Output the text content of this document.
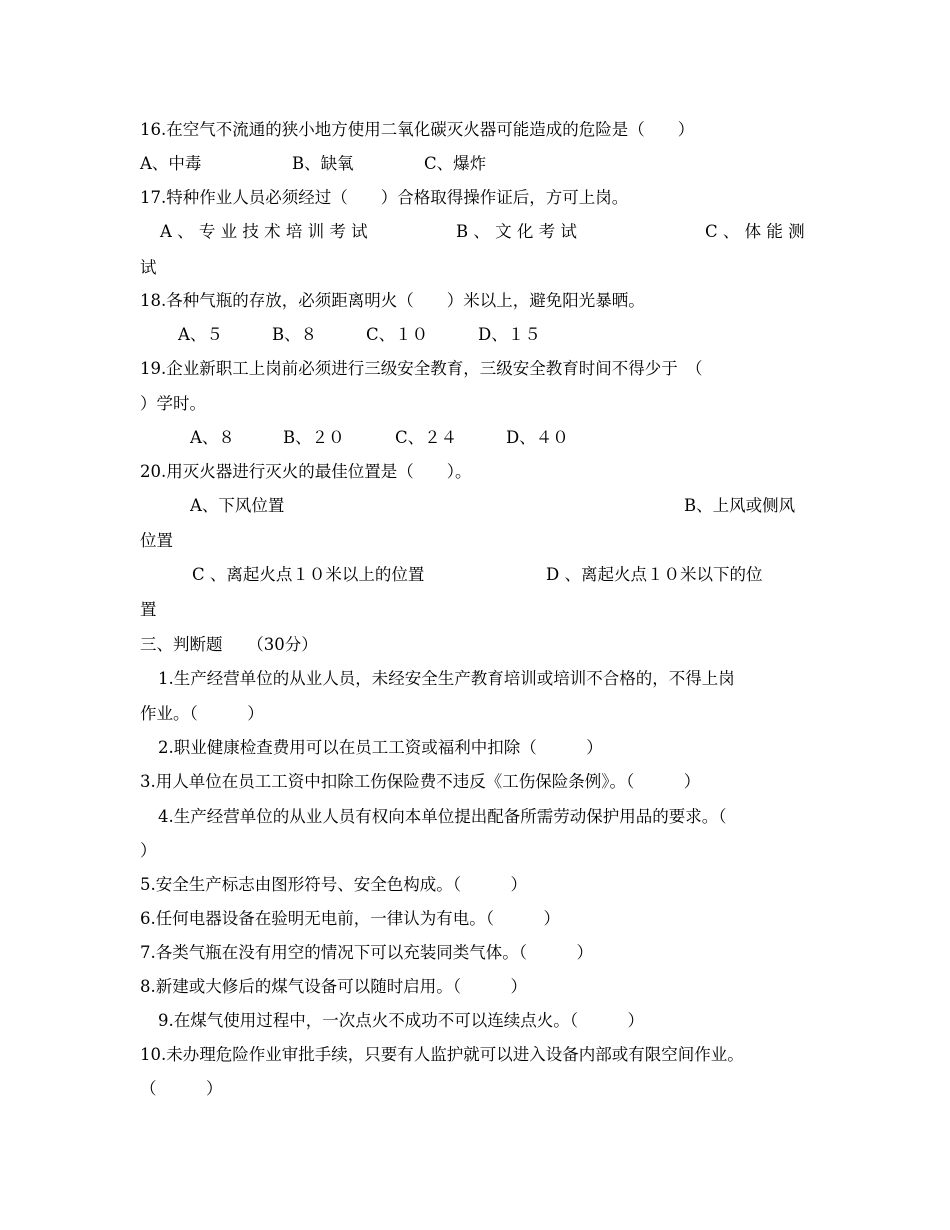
16.在空气不流通的狭小地方使用二氧化碳灭火器可能造成的危险是（　　）
A、中毒	B、缺氧	C、爆炸
17.特种作业人员必须经过（　　）合格取得操作证后，方可上岗。
A 、 专 业 技 术 培 训 考 试	B 、 文 化 考 试	C 、 体 能 测
试
18.各种气瓶的存放，必须距离明火（　　）米以上，避免阳光暴晒。
A、５	B、８	C、１０	D、１５
19.企业新职工上岗前必须进行三级安全教育，三级安全教育时间不得少于　（
）学时。
A、８	B、２０	C、２４	D、４０
20.用灭火器进行灭火的最佳位置是（　　）。
A、下风位置	B、上风或侧风
位置
C 、离起火点１０米以上的位置	D 、离起火点１０米以下的位
置
三、判断题　　（30分）
1.生产经营单位的从业人员，未经安全生产教育培训或培训不合格的，不得上岗
作业。（　　　）
2.职业健康检查费用可以在员工工资或福利中扣除（　　　）
3.用人单位在员工工资中扣除工伤保险费不违反《工伤保险条例》。（　　　）
4.生产经营单位的从业人员有权向本单位提出配备所需劳动保护用品的要求。（
）
5.安全生产标志由图形符号、安全色构成。（　　　）
6.任何电器设备在验明无电前，一律认为有电。（　　　）
7.各类气瓶在没有用空的情况下可以充装同类气体。（　　　）
8.新建或大修后的煤气设备可以随时启用。（　　　）
9.在煤气使用过程中，一次点火不成功不可以连续点火。（　　　）
10.未办理危险作业审批手续，只要有人监护就可以进入设备内部或有限空间作业。
（　　　）
